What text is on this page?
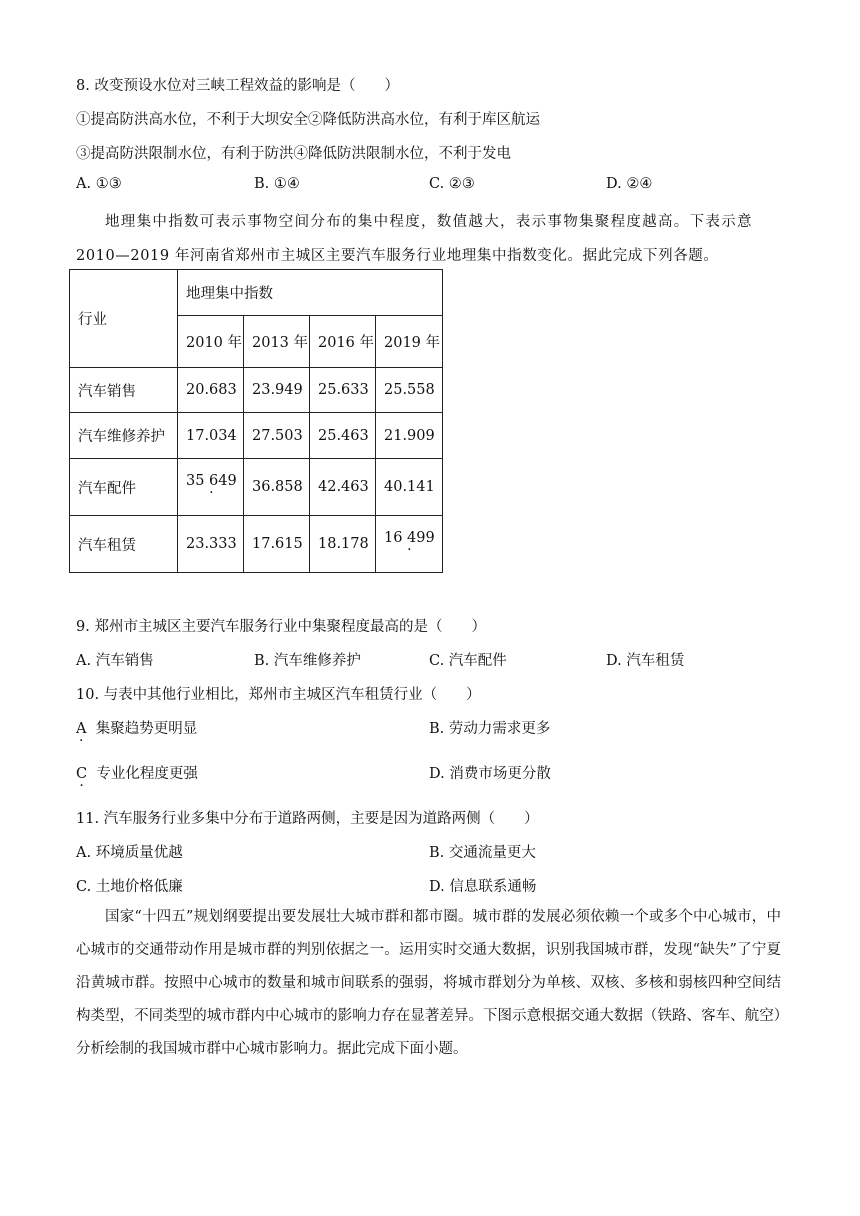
8. 改变预设水位对三峡工程效益的影响是（　　）
①提高防洪高水位，不利于大坝安全②降低防洪高水位，有利于库区航运
③提高防洪限制水位，有利于防洪④降低防洪限制水位，不利于发电
A. ①③	B. ①④	C. ②③	D. ②④
地理集中指数可表示事物空间分布的集中程度，数值越大，表示事物集聚程度越高。下表示意
2010—2019 年河南省郑州市主城区主要汽车服务行业地理集中指数变化。据此完成下列各题。
行业	地理集中指数			
	2010 年	2013 年	2016 年	2019 年
汽车销售	20.683	23.949	25.633	25.558
汽车维修养护	17.034	27.503	25.463	21.909
汽车配件	35 649 ·	36.858	42.463	40.141
汽车租赁	23.333	17.615	18.178	16 499 ·
9. 郑州市主城区主要汽车服务行业中集聚程度最高的是（　　）
A. 汽车销售	B. 汽车维修养护	C. 汽车配件	D. 汽车租赁
10. 与表中其他行业相比，郑州市主城区汽车租赁行业（　　）
A · 集聚趋势更明显	B. 劳动力需求更多
C · 专业化程度更强	D. 消费市场更分散
11. 汽车服务行业多集中分布于道路两侧，主要是因为道路两侧（　　）
A. 环境质量优越	B. 交通流量更大
C. 土地价格低廉	D. 信息联系通畅

国家“十四五”规划纲要提出要发展壮大城市群和都市圈。城市群的发展必须依赖一个或多个中心城市，中心城市的交通带动作用是城市群的判别依据之一。运用实时交通大数据，识别我国城市群，发现“缺失”了宁夏沿黄城市群。按照中心城市的数量和城市间联系的强弱，将城市群划分为单核、双核、多核和弱核四种空间结构类型，不同类型的城市群内中心城市的影响力存在显著差异。下图示意根据交通大数据（铁路、客车、航空）分析绘制的我国城市群中心城市影响力。据此完成下面小题。
